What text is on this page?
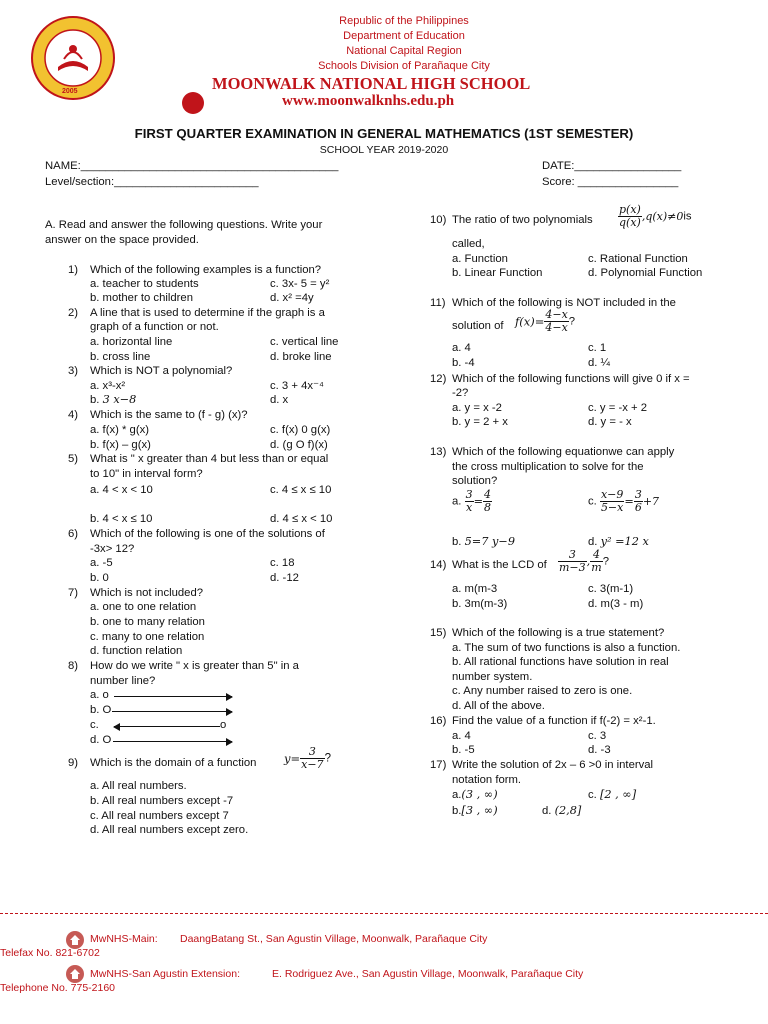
2005
Republic of the Philippines
Department of Education
National Capital Region
Schools Division of Parañaque City
MOONWALK NATIONAL HIGH SCHOOL
www.moonwalknhs.edu.ph
FIRST QUARTER EXAMINATION IN GENERAL MATHEMATICS (1ST SEMESTER)
SCHOOL YEAR 2019-2020
NAME:_________________________________________
Level/section:_______________________
DATE:_________________
Score: ________________
A. Read and answer the following questions. Write your
answer on the space provided.
1) Which of the following examples is a function?
a. teacher to students	c. 3x- 5 = y²
b. mother to children	d. x² =4y
2) A line that is used to determine if the graph is a
graph of a function or not.
a. horizontal line	c. vertical line
b. cross line	d. broke line
3) Which is NOT a polynomial?
a. x³-x²	c. 3 + 4x⁻⁴
b. 3 x−8	d. x
4) Which is the same to (f - g) (x)?
a. f(x) * g(x)	c. f(x) 0 g(x)
b. f(x) – g(x)	d. (g O f)(x)
5) What is " x greater than 4 but less than or equal
to 10" in interval form?
a. 4 < x < 10	c. 4 ≤ x ≤ 10
b. 4 < x ≤ 10	d. 4 ≤ x < 10
6) Which of the following is one of the solutions of
-3x> 12?
a. -5	c. 18
b. 0	d. -12
7) Which is not included?
a. one to one relation
b. one to many relation
c. many to one relation
d. function relation
8) How do we write " x is greater than 5" in a
number line?
a. o
b. O
c.	o
d. O
9) Which is the domain of a function $y= \frac{3}{x-7}$ ?
a. All real numbers.
b. All real numbers except -7
c. All real numbers except 7
d. All real numbers except zero.
10) The ratio of two polynomials $\frac{p(x)}{q(x)} ,q(x)\ne 0is$
called,
a. Function	c. Rational Function
b. Linear Function	d. Polynomial Function
11) Which of the following is NOT included in the
solution of $f(x)= \frac{4-x}{4-x}$ ?
a. 4	c. 1
b. -4	d. ¼
12) Which of the following functions will give 0 if x =
-2?
a. y = x -2	c. y = -x + 2
b. y = 2 + x	d. y = - x
13) Which of the following equationwe can apply
the cross multiplication to solve for the
solution?
a. $\frac{3}{x} = \frac{4}{8}$	c. $\frac{x-9}{5-x} = \frac{3}{6} +7$
b. 5=7 y−9	d. y² =12 x
14) What is the LCD of $\frac{3}{m-3}$ , $\frac{4}{m}$ ?
a. m(m-3	c. 3(m-1)
b. 3m(m-3)	d. m(3 - m)
15) Which of the following is a true statement?
a. The sum of two functions is also a function.
b. All rational functions have solution in real
number system.
c. Any number raised to zero is one.
d. All of the above.
16) Find the value of a function if f(-2) = x²-1.
a. 4	c. 3
b. -5	d. -3
17) Write the solution of 2x – 6 >0 in interval
notation form.
a.(3 , ∞)	c. [2 , ∞]
b.[3 , ∞)	d. (2,8]
MwNHS-Main: DaangBatang St., San Agustin Village, Moonwalk, Parañaque City
Telefax No. 821-6702
MwNHS-San Agustin Extension:	E. Rodriguez Ave., San Agustin Village, Moonwalk, Parañaque City
Telephone No. 775-2160
